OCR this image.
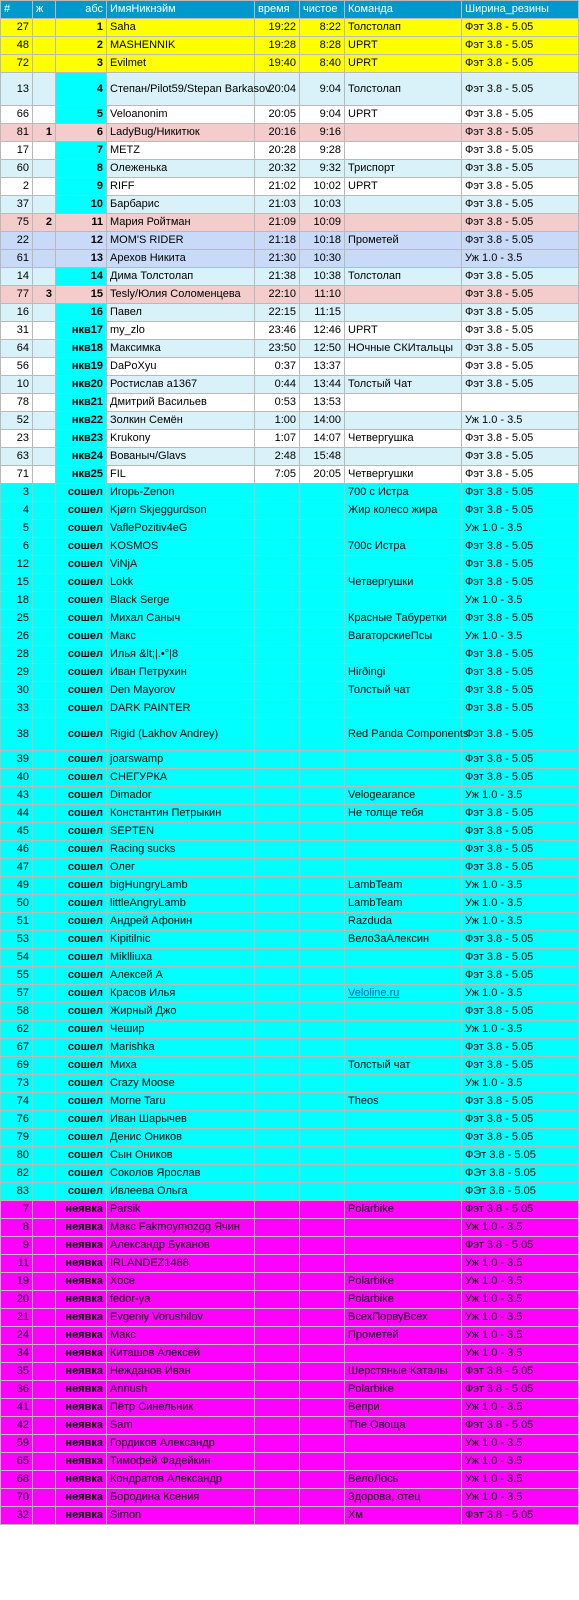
#	ж	абс	ИмяНикнэйм	время	чистое	Команда	Ширина_резины
27		1	Saha	19:22	8:22	Толстолап	Фэт 3.8 - 5.05
48		2	MASHENNIK	19:28	8:28	UPRT	Фэт 3.8 - 5.05
72		3	Evilmet	19:40	8:40	UPRT	Фэт 3.8 - 5.05
13		4	Степан/Pilot59/Stepan Barkasov	20:04	9:04	Толстолап	Фэт 3.8 - 5.05
66		5	Veloanonim	20:05	9:04	UPRT	Фэт 3.8 - 5.05
81	1	6	LadyBug/Никитюк	20:16	9:16		Фэт 3.8 - 5.05
17		7	METZ	20:28	9:28		Фэт 3.8 - 5.05
60		8	Олеженька	20:32	9:32	Триспорт	Фэт 3.8 - 5.05
2		9	RIFF	21:02	10:02	UPRT	Фэт 3.8 - 5.05
37		10	Барбарис	21:03	10:03		Фэт 3.8 - 5.05
75	2	11	Мария Ройтман	21:09	10:09		Фэт 3.8 - 5.05
22		12	MOM'S RIDER	21:18	10:18	Прометей	Фэт 3.8 - 5.05
61		13	Арехов Никита	21:30	10:30		Уж 1.0 - 3.5
14		14	Дима Толстолап	21:38	10:38	Толстолап	Фэт 3.8 - 5.05
77	3	15	Tesly/Юлия Соломенцева	22:10	11:10		Фэт 3.8 - 5.05
16		16	Павел	22:15	11:15		Фэт 3.8 - 5.05
31		нкв17	my_zlo	23:46	12:46	UPRT	Фэт 3.8 - 5.05
64		нкв18	Максимка	23:50	12:50	НОчные СКИтальцы	Фэт 3.8 - 5.05
56		нкв19	DaPoXyu	0:37	13:37		Фэт 3.8 - 5.05
10		нкв20	Ростислав а1367	0:44	13:44	Толстый Чат	Фэт 3.8 - 5.05
78		нкв21	Дмитрий Васильев	0:53	13:53		
52		нкв22	Золкин Семён	1:00	14:00		Уж 1.0 - 3.5
23		нкв23	Krukony	1:07	14:07	Четвергушка	Фэт 3.8 - 5.05
63		нкв24	Вованыч/Glavs	2:48	15:48		Фэт 3.8 - 5.05
71		нкв25	FIL	7:05	20:05	Четвергушки	Фэт 3.8 - 5.05
3		сошел	Игорь-Zenon			700 с Истра	Фэт 3.8 - 5.05
4		сошел	Kjørn Skjeggurdson			Жир колесо жира	Фэт 3.8 - 5.05
5		сошел	VaflePozitiv4eG				Уж 1.0 - 3.5
6		сошел	KOSMOS			700с Истра	Фэт 3.8 - 5.05
12		сошел	ViNjA				Фэт 3.8 - 5.05
15		сошел	Lokk			Четвергушки	Фэт 3.8 - 5.05
18		сошел	Black Serge				Уж 1.0 - 3.5
25		сошел	Михал Саныч			Красные Табуретки	Фэт 3.8 - 5.05
26		сошел	Макс			ВагаторскиеПсы	Уж 1.0 - 3.5
28		сошел	Илья &lt;|.•°|8				Фэт 3.8 - 5.05
29		сошел	Иван Петрухин			Hirðingi	Фэт 3.8 - 5.05
30		сошел	Den Mayorov			Толстый чат	Фэт 3.8 - 5.05
33		сошел	DARK PAINTER				Фэт 3.8 - 5.05
38		сошел	Rigid (Lakhov Andrey)			Red Panda Components	Фэт 3.8 - 5.05
39		сошел	joarswamp				Фэт 3.8 - 5.05
40		сошел	СНЕГУРКА				Фэт 3.8 - 5.05
43		сошел	Dimador			Velogearance	Уж 1.0 - 3.5
44		сошел	Константин Петрыкин			Не толще тебя	Фэт 3.8 - 5.05
45		сошел	SEPTEN				Фэт 3.8 - 5.05
46		сошел	Racing sucks				Фэт 3.8 - 5.05
47		сошел	Олег				Фэт 3.8 - 5.05
49		сошел	bigHungryLamb			LambTeam	Уж 1.0 - 3.5
50		сошел	littleAngryLamb			LambTeam	Уж 1.0 - 3.5
51		сошел	Андрей Афонин			Razduda	Уж 1.0 - 3.5
53		сошел	Kipitilnic			ВелоЗаАлексин	Фэт 3.8 - 5.05
54		сошел	Miklliuxa				Фэт 3.8 - 5.05
55		сошел	Алексей А				Фэт 3.8 - 5.05
57		сошел	Красов Илья			Veloline.ru	Уж 1.0 - 3.5
58		сошел	Жирный Джо				Фэт 3.8 - 5.05
62		сошел	Чешир				Уж 1.0 - 3.5
67		сошел	Marishka				Фэт 3.8 - 5.05
69		сошел	Миха			Толстый чат	Фэт 3.8 - 5.05
73		сошел	Crazy Moose				Уж 1.0 - 3.5
74		сошел	Morne Taru			Theos	Фэт 3.8 - 5.05
76		сошел	Иван Шарычев				Фэт 3.8 - 5.05
79		сошел	Денис Оников				Фэт 3.8 - 5.05
80		сошел	Сын Оников				ФЭт 3.8 - 5.05
82		сошел	Соколов Ярослав				ФЭт 3.8 - 5.05
83		сошел	Ивлеева Ольга				ФЭт 3.8 - 5.05
7		неявка	Parsik			Polarbike	Фэт 3.8 - 5.05
8		неявка	Макс Fakmoymozgg Ячин				Уж 1.0 - 3.5
9		неявка	Александр Буканов				Фэт 3.8 - 5.05
11		неявка	IRLANDEZ1488				Уж 1.0 - 3.5
19		неявка	Хосе			Polarbike	Уж 1.0 - 3.5
20		неявка	fedor-ya			Polarbike	Уж 1.0 - 3.5
21		неявка	Evgeniy Vorushilov			ВсехПорвуВсех	Уж 1.0 - 3.5
24		неявка	Макс			Прометей	Уж 1.0 - 3.5
34		неявка	Киташов Алексей				Уж 1.0 - 3.5
35		неявка	Нежданов Иван			Шерстяные Каталы	Фэт 3.8 - 5.05
36		неявка	Annush			Polarbike	Фэт 3.8 - 5.05
41		неявка	Пётр Синельник			Вепри	Уж 1.0 - 3.5
42		неявка	Sam			The Овоща	Фэт 3.8 - 5.05
59		неявка	Гордиков Александр				Уж 1.0 - 3.5
65		неявка	Тимофей Фадейкин				Уж 1.0 - 3.5
68		неявка	Кондратов Александр			ВелоЛось	Уж 1.0 - 3.5
70		неявка	Бородина Ксения			Здорова, отец	Уж 1.0 - 3.5
32		неявка	Simon			Хм	Фэт 3.8 - 5.05
